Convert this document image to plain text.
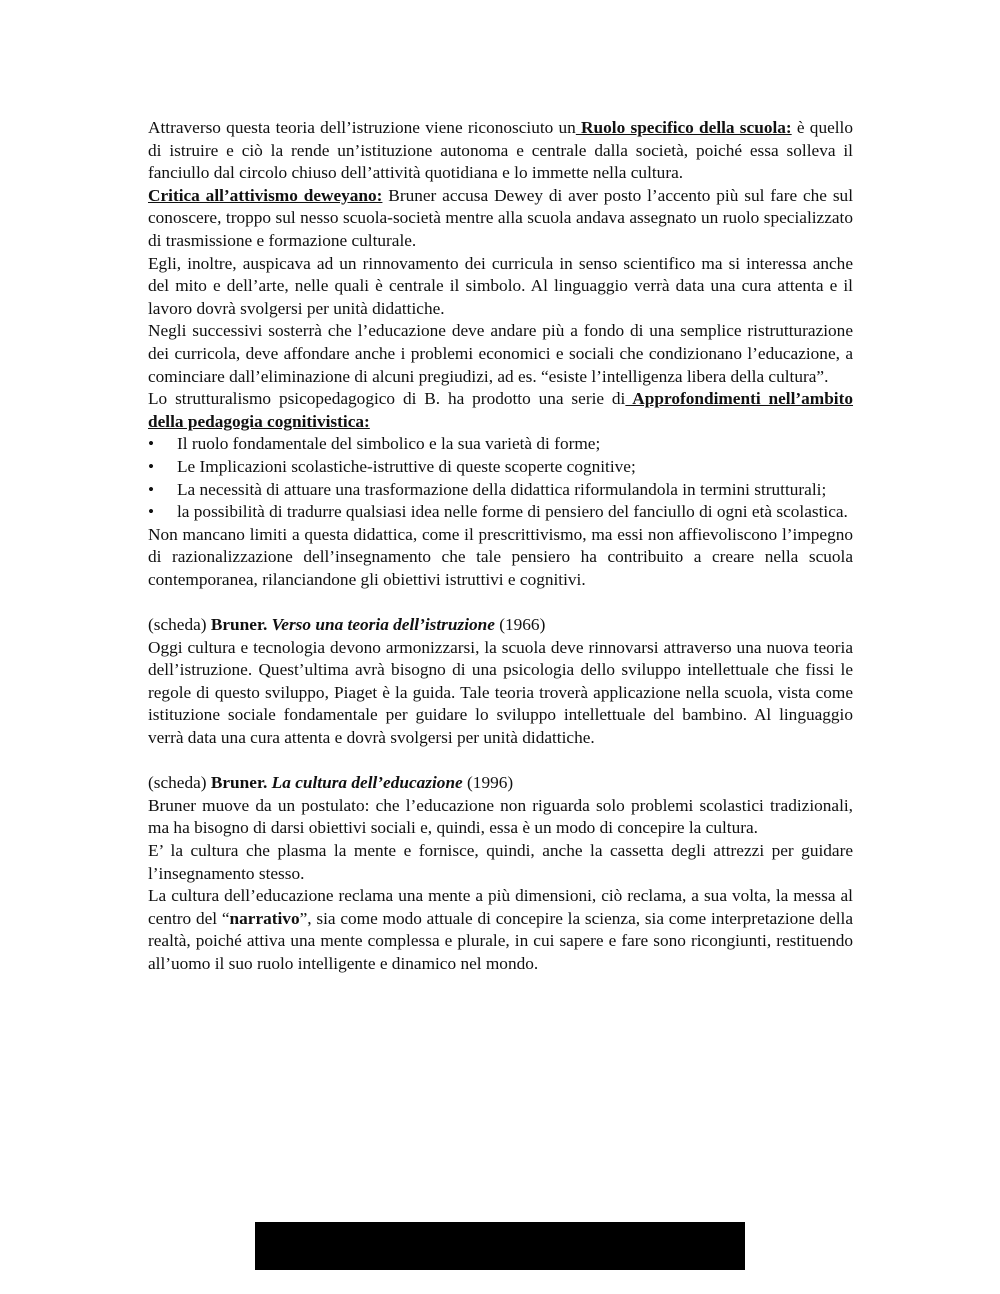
Attraverso questa teoria dell’istruzione viene riconosciuto un Ruolo specifico della scuola: è quello di istruire e ciò la rende un’istituzione autonoma e centrale dalla società, poiché essa solleva il fanciullo dal circolo chiuso dell’attività quotidiana e lo immette nella cultura.

Critica all’attivismo deweyano: Bruner accusa Dewey di aver posto l’accento più sul fare che sul conoscere, troppo sul nesso scuola-società mentre alla scuola andava assegnato un ruolo specializzato di trasmissione e formazione culturale.

Egli, inoltre, auspicava ad un rinnovamento dei curricula in senso scientifico ma si interessa anche del mito e dell’arte, nelle quali è centrale il simbolo. Al linguaggio verrà data una cura attenta e il lavoro dovrà svolgersi per unità didattiche.

Negli successivi sosterrà che l’educazione deve andare più a fondo di una semplice ristrutturazione dei curricola, deve affondare anche i problemi economici e sociali che condizionano l’educazione, a cominciare dall’eliminazione di alcuni pregiudizi, ad es. “esiste l’intelligenza libera della cultura”.

Lo strutturalismo psicopedagogico di B. ha prodotto una serie di Approfondimenti nell’ambito della pedagogia cognitivistica:

• Il ruolo fondamentale del simbolico e la sua varietà di forme;
• Le Implicazioni scolastiche-istruttive di queste scoperte cognitive;
• La necessità di attuare una trasformazione della didattica riformulandola in termini strutturali;
• la possibilità di tradurre qualsiasi idea nelle forme di pensiero del fanciullo di ogni età scolastica.

Non mancano limiti a questa didattica, come il prescrittivismo, ma essi non affievoliscono l’impegno di razionalizzazione dell’insegnamento che tale pensiero ha contribuito a creare nella scuola contemporanea, rilanciandone gli obiettivi istruttivi e cognitivi.

(scheda) Bruner. Verso una teoria dell’istruzione (1966)

Oggi cultura e tecnologia devono armonizzarsi, la scuola deve rinnovarsi attraverso una nuova teoria dell’istruzione. Quest’ultima avrà bisogno di una psicologia dello sviluppo intellettuale che fissi le regole di questo sviluppo, Piaget è la guida. Tale teoria troverà applicazione nella scuola, vista come istituzione sociale fondamentale per guidare lo sviluppo intellettuale del bambino. Al linguaggio verrà data una cura attenta e dovrà svolgersi per unità didattiche.

(scheda) Bruner. La cultura dell’educazione (1996)

Bruner muove da un postulato: che l’educazione non riguarda solo problemi scolastici tradizionali, ma ha bisogno di darsi obiettivi sociali e, quindi, essa è un modo di concepire la cultura.

E’ la cultura che plasma la mente e fornisce, quindi, anche la cassetta degli attrezzi per guidare l’insegnamento stesso.

La cultura dell’educazione reclama una mente a più dimensioni, ciò reclama, a sua volta, la messa al centro del “narrativo”, sia come modo attuale di concepire la scienza, sia come interpretazione della realtà, poiché attiva una mente complessa e plurale, in cui sapere e fare sono ricongiunti, restituendo all’uomo il suo ruolo intelligente e dinamico nel mondo.
